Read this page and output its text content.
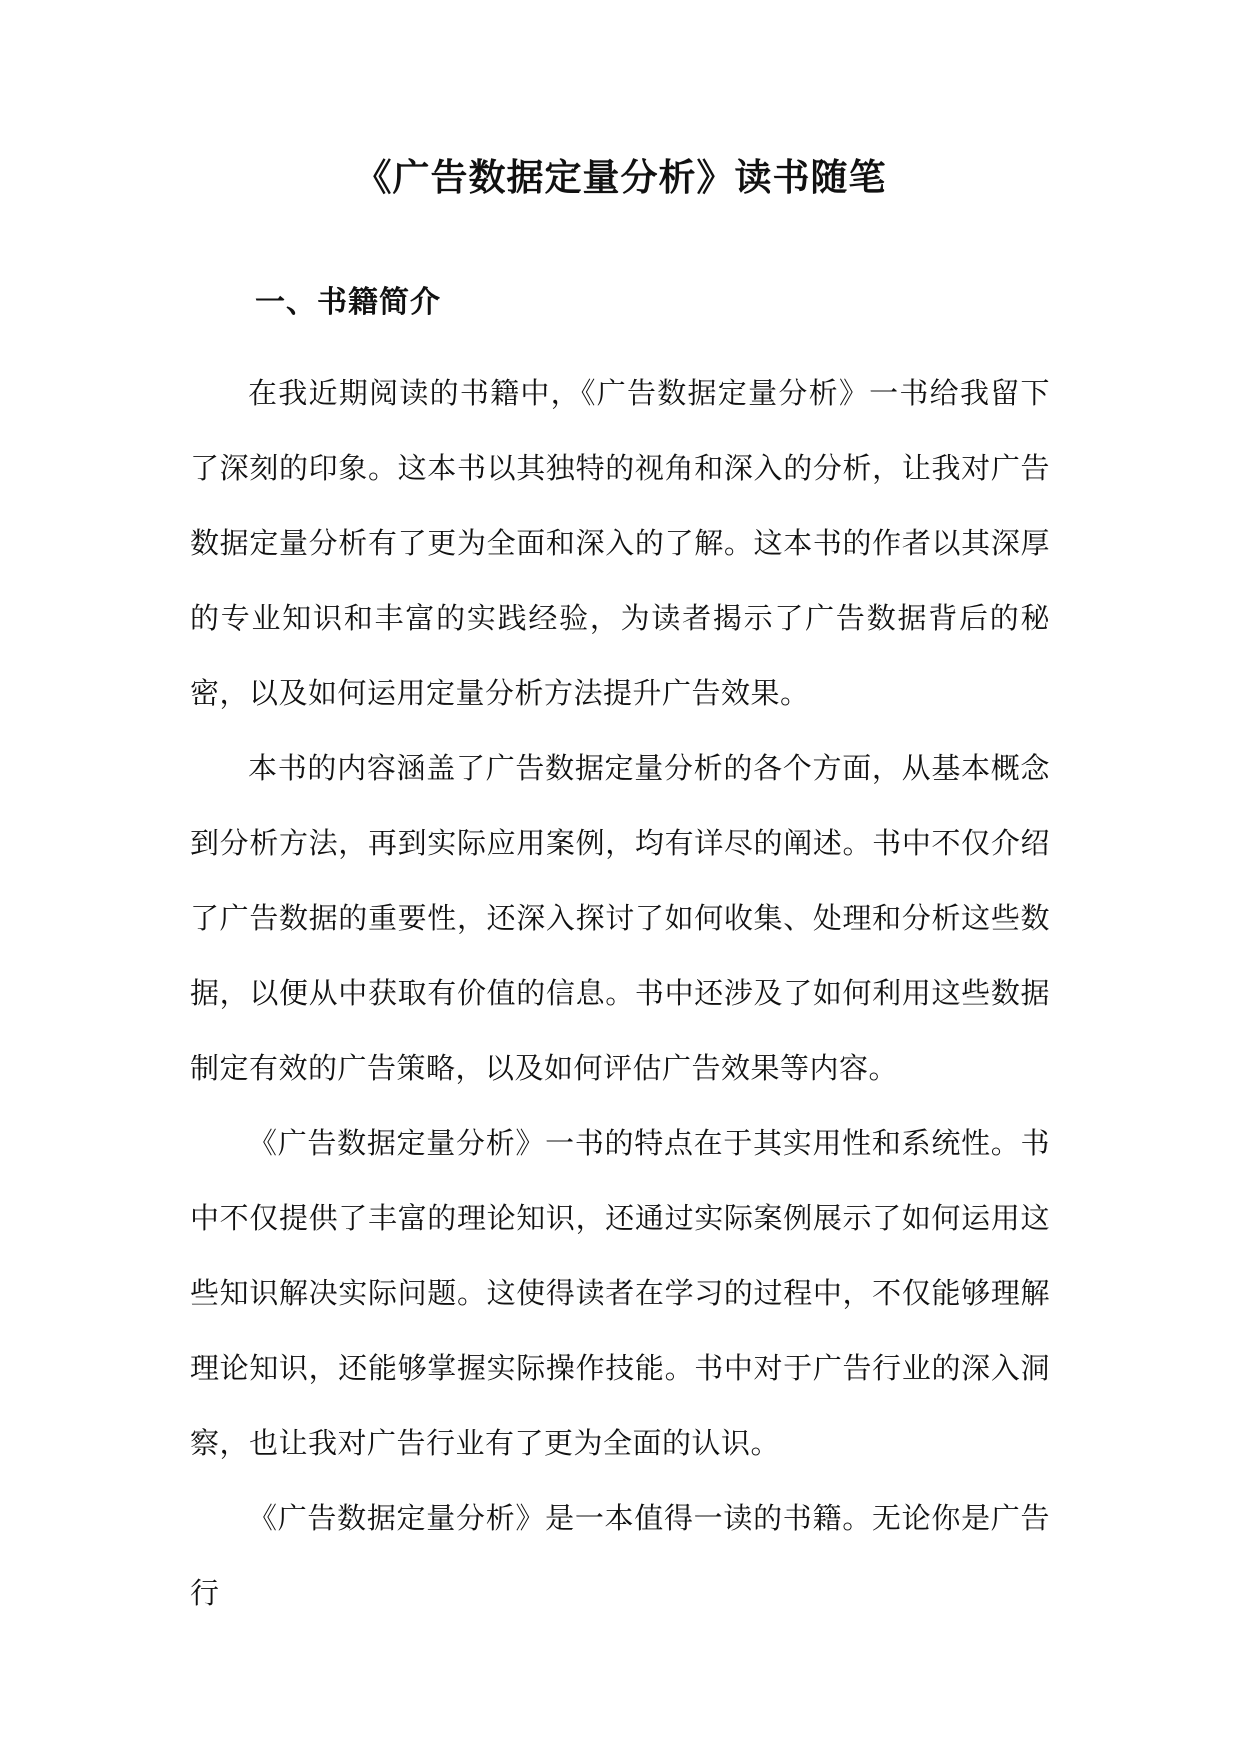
《广告数据定量分析》读书随笔
一、书籍简介

在我近期阅读的书籍中，《广告数据定量分析》一书给我留下了深刻的印象。这本书以其独特的视角和深入的分析，让我对广告数据定量分析有了更为全面和深入的了解。这本书的作者以其深厚的专业知识和丰富的实践经验，为读者揭示了广告数据背后的秘密，以及如何运用定量分析方法提升广告效果。

本书的内容涵盖了广告数据定量分析的各个方面，从基本概念到分析方法，再到实际应用案例，均有详尽的阐述。书中不仅介绍了广告数据的重要性，还深入探讨了如何收集、处理和分析这些数据，以便从中获取有价值的信息。书中还涉及了如何利用这些数据制定有效的广告策略，以及如何评估广告效果等内容。

《广告数据定量分析》一书的特点在于其实用性和系统性。书中不仅提供了丰富的理论知识，还通过实际案例展示了如何运用这些知识解决实际问题。这使得读者在学习的过程中，不仅能够理解理论知识，还能够掌握实际操作技能。书中对于广告行业的深入洞察，也让我对广告行业有了更为全面的认识。

《广告数据定量分析》是一本值得一读的书籍。无论你是广告行
